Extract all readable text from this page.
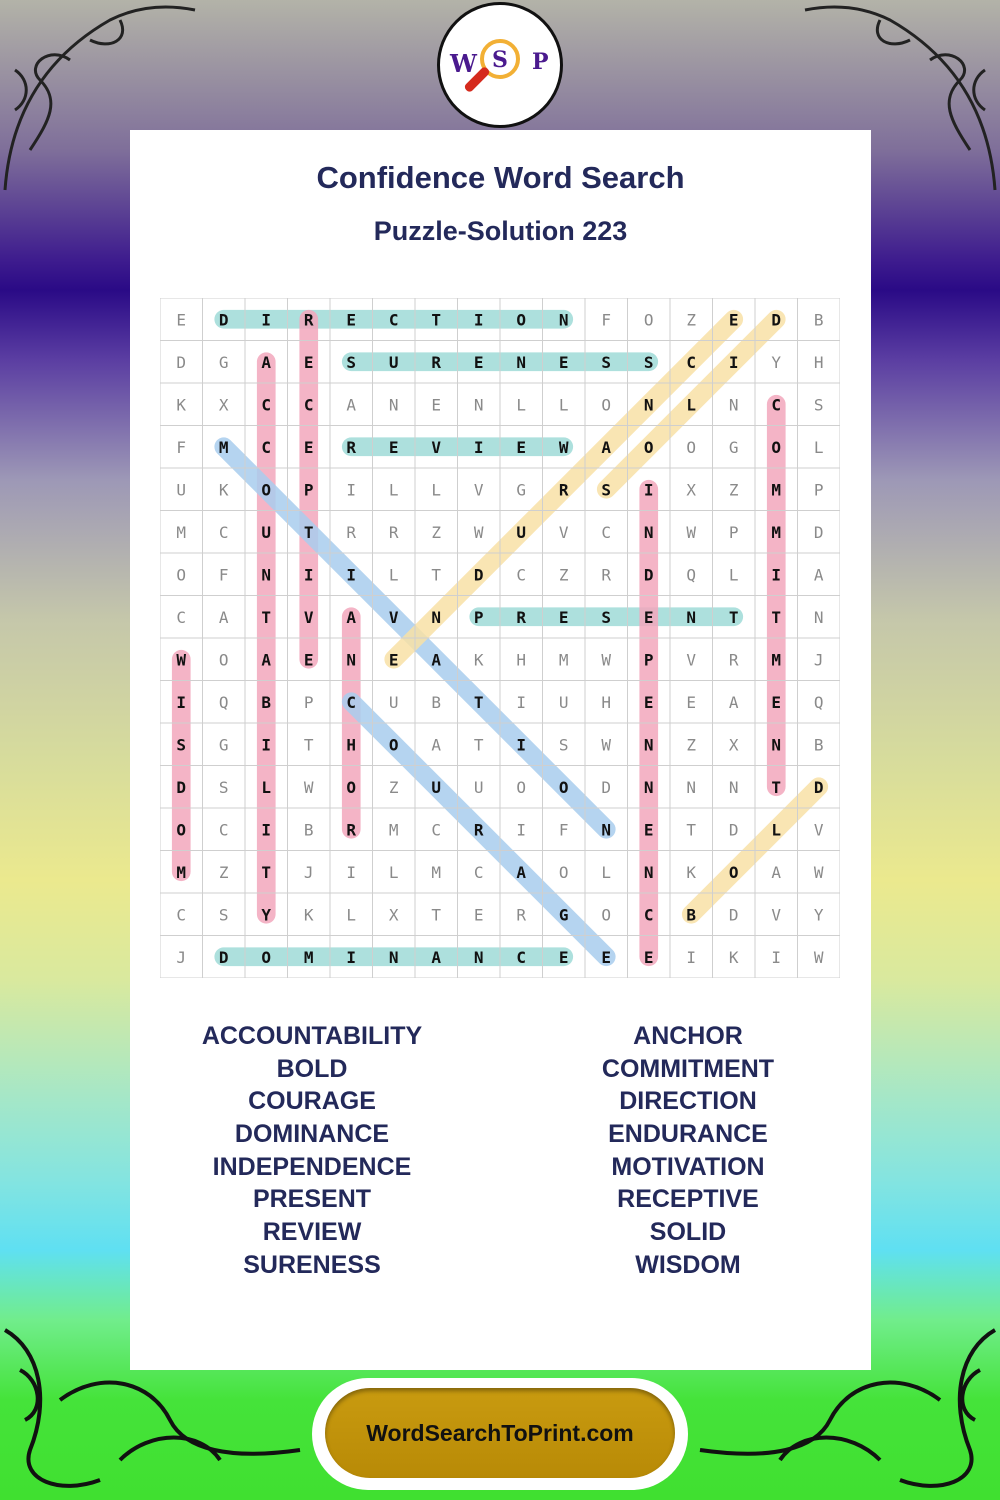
W S P
Confidence Word Search
Puzzle-Solution 223
E D I R E C T I O N F O Z E D B
D G A E S U R E N E S S C I Y H
K X C C A N E N L L O N L N C S
F M C E R E V I E W A O O G O L
U K O P I L L V G R S I X Z M P
M C U T R R Z W U V C N W P M D
O F N I I L T D C Z R D Q L I A
C A T V A V N P R E S E N T T N
W O A E N E A K H M W P V R M J
I Q B P C U B T I U H E E A E Q
S G I T H O A T I S W N Z X N B
D S L W O Z U U O O D N N N T D
O C I B R M C R I F N E T D L V
M Z T J I L M C A O L N K O A W
C S Y K L X T E R G O C B D V Y
J D O M I N A N C E E E I K I W
ACCOUNTABILITY
BOLD
COURAGE
DOMINANCE
INDEPENDENCE
PRESENT
REVIEW
SURENESS
ANCHOR
COMMITMENT
DIRECTION
ENDURANCE
MOTIVATION
RECEPTIVE
SOLID
WISDOM
WordSearchToPrint.com
